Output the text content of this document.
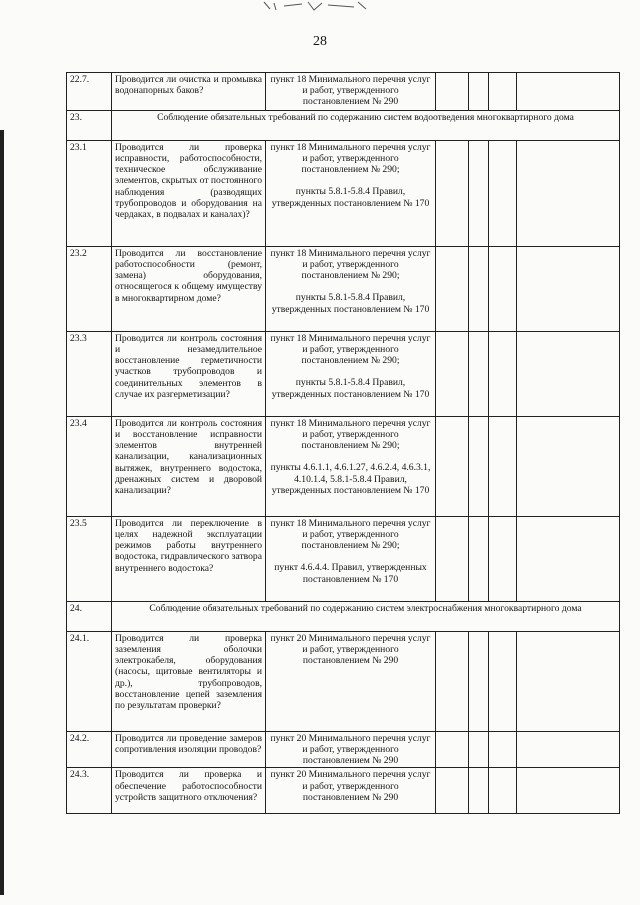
28
22.7.	Проводится ли очистка и промывка водонапорных баков?	пункт 18 Минимального перечня услуг и работ, утвержденного постановлением № 290				

23.	Соблюдение обязательных требований по содержанию систем водоотведения многоквартирного дома					
23.1	Проводится ли проверка исправности, работоспособности, техническое обслуживание элементов, скрытых от постоянного наблюдения (разводящих трубопроводов и оборудования на чердаках, в подвалах и каналах)?	пункт 18 Минимального перечня услуг и работ, утвержденного постановлением № 290;

пункты 5.8.1-5.8.4 Правил, утвержденных постановлением № 170				

23.2	Проводится ли восстановление работоспособности (ремонт, замена) оборудования, относящегося к общему имуществу в многоквартирном доме?	пункт 18 Минимального перечня услуг и работ, утвержденного постановлением № 290;

пункты 5.8.1-5.8.4 Правил, утвержденных постановлением № 170				

23.3	Проводится ли контроль состояния и незамедлительное восстановление герметичности участков трубопроводов и соединительных элементов в случае их разгерметизации?	пункт 18 Минимального перечня услуг и работ, утвержденного постановлением № 290;

пункты 5.8.1-5.8.4 Правил, утвержденных постановлением № 170				

23.4	Проводится ли контроль состояния и восстановление исправности элементов внутренней канализации, канализационных вытяжек, внутреннего водостока, дренажных систем и дворовой канализации?	пункт 18 Минимального перечня услуг и работ, утвержденного постановлением № 290;

пункты 4.6.1.1, 4.6.1.27, 4.6.2.4, 4.6.3.1, 4.10.1.4, 5.8.1-5.8.4 Правил, утвержденных постановлением № 170				

23.5	Проводится ли переключение в целях надежной эксплуатации режимов работы внутреннего водостока, гидравлического затвора внутреннего водостока?	пункт 18 Минимального перечня услуг и работ, утвержденного постановлением № 290;

пункт 4.6.4.4. Правил, утвержденных постановлением № 170				

24.	Соблюдение обязательных требований по содержанию систем электроснабжения многоквартирного дома					
24.1.	Проводится ли проверка заземления оболочки электрокабеля, оборудования (насосы, щитовые вентиляторы и др.), трубопроводов, восстановление цепей заземления по результатам проверки?	пункт 20 Минимального перечня услуг и работ, утвержденного постановлением № 290				

24.2.	Проводится ли проведение замеров сопротивления изоляции проводов?	пункт 20 Минимального перечня услуг и работ, утвержденного постановлением № 290				

24.3.	Проводится ли проверка и обеспечение работоспособности устройств защитного отключения?	пункт 20 Минимального перечня услуг и работ, утвержденного постановлением № 290				
